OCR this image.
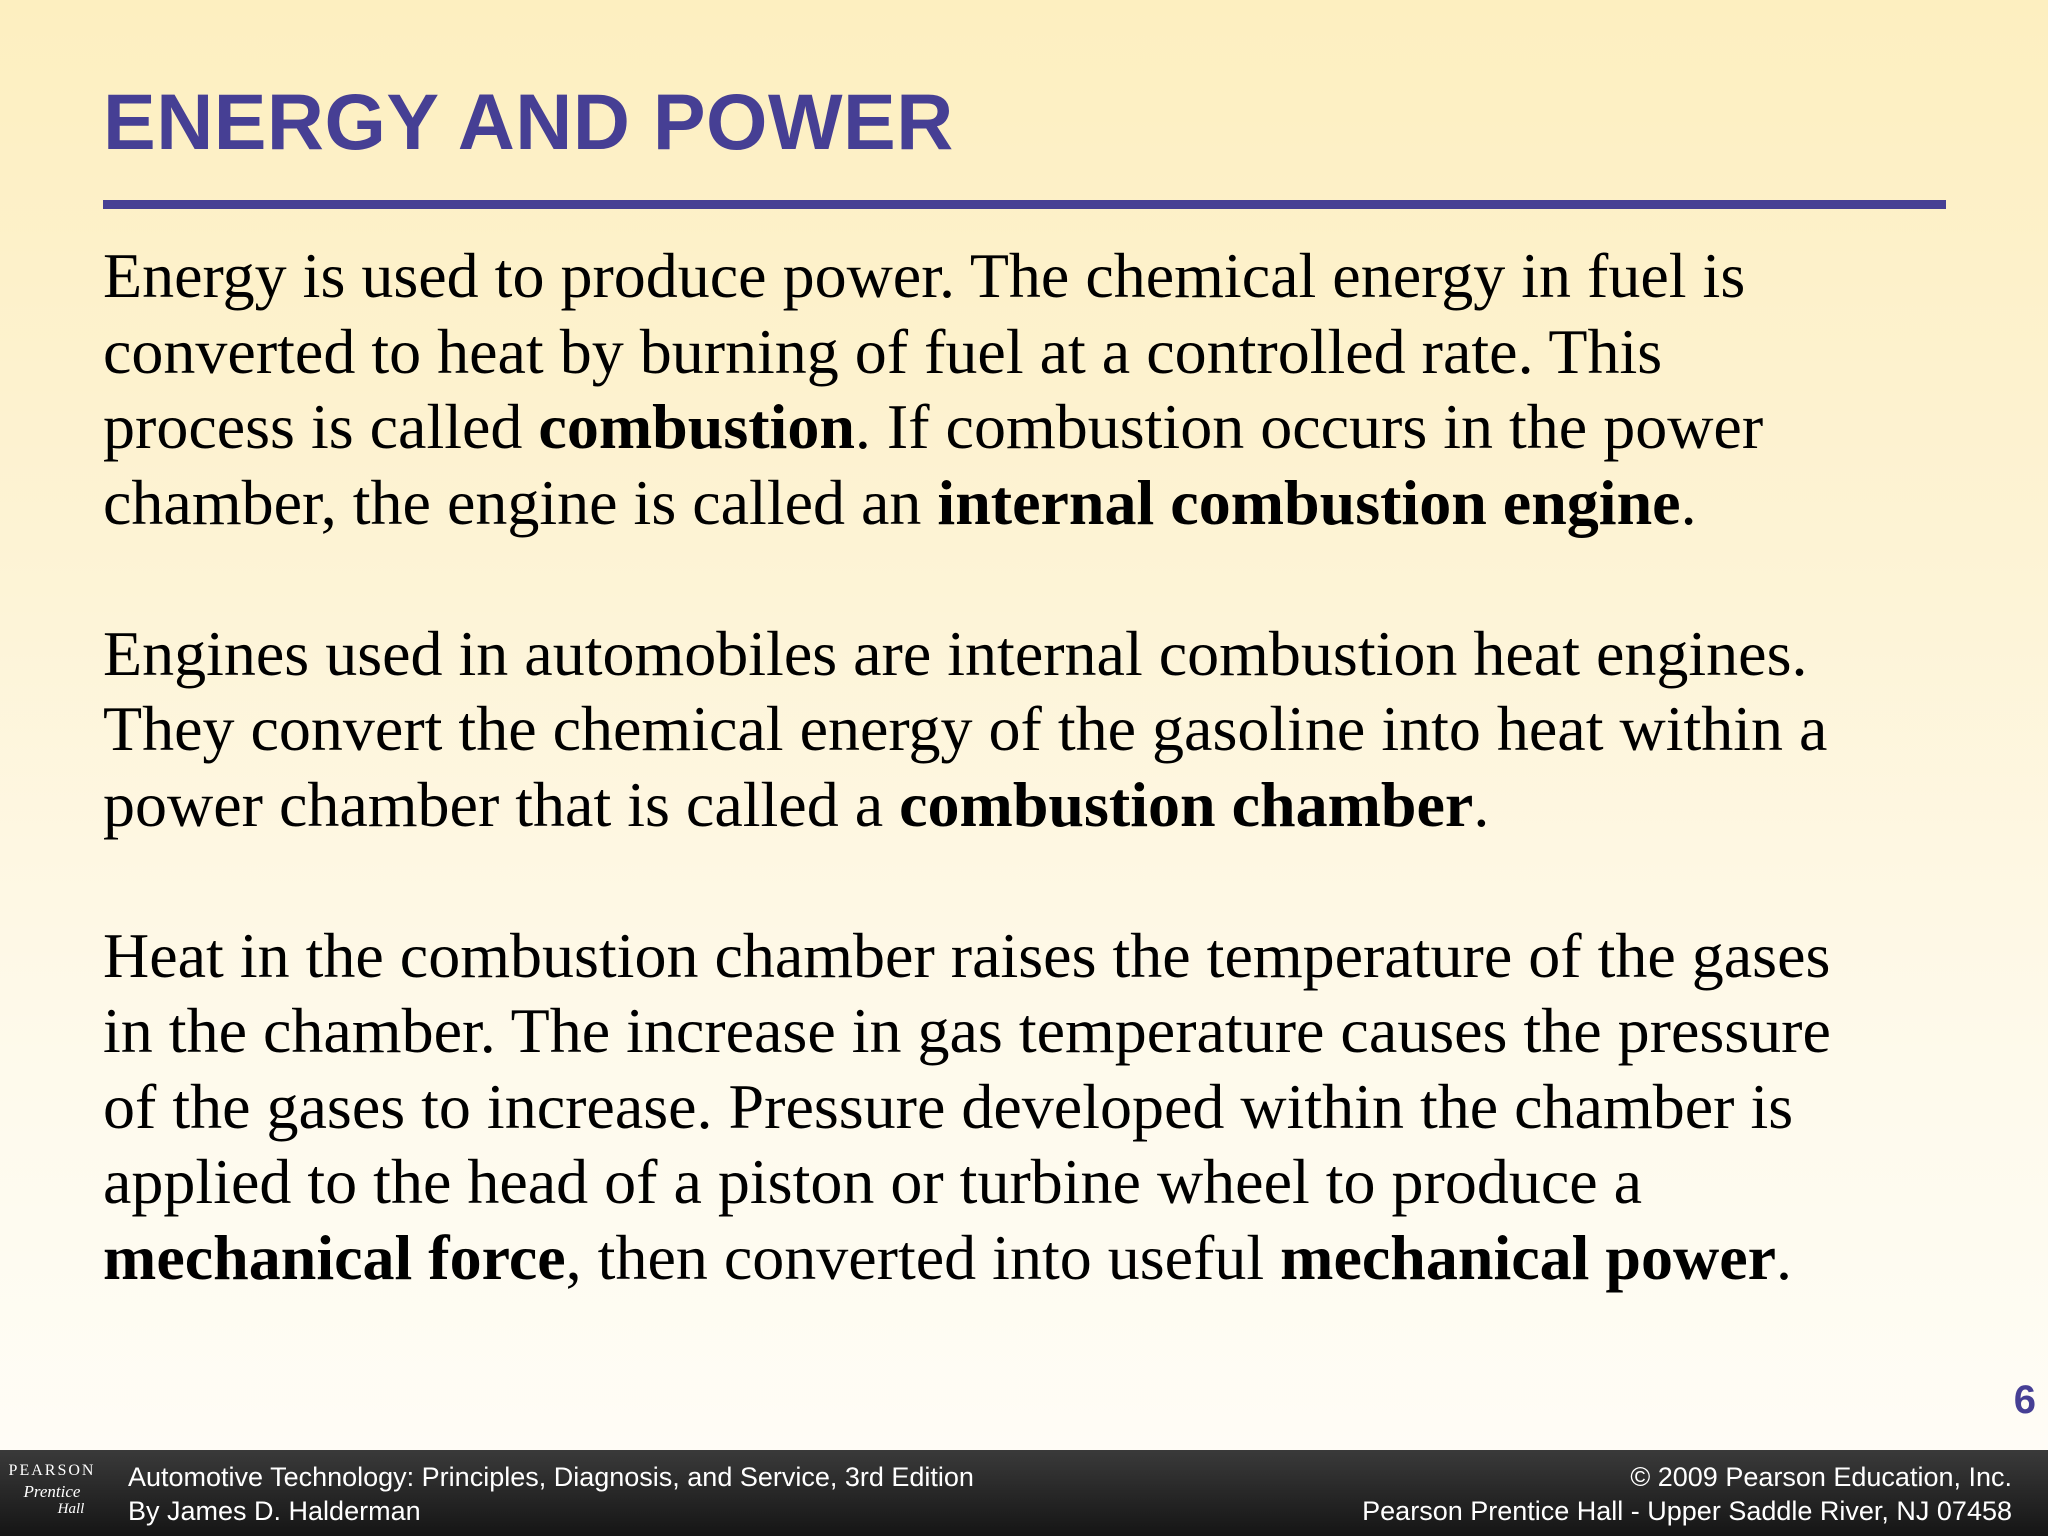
ENERGY AND POWER

Energy is used to produce power. The chemical energy in fuel is
converted to heat by burning of fuel at a controlled rate. This
process is called combustion. If combustion occurs in the power
chamber, the engine is called an internal combustion engine.

Engines used in automobiles are internal combustion heat engines.
They convert the chemical energy of the gasoline into heat within a
power chamber that is called a combustion chamber.

Heat in the combustion chamber raises the temperature of the gases
in the chamber. The increase in gas temperature causes the pressure
of the gases to increase. Pressure developed within the chamber is
applied to the head of a piston or turbine wheel to produce a
mechanical force, then converted into useful mechanical power.

6
PEARSON
Prentice
Hall
Automotive Technology: Principles, Diagnosis, and Service, 3rd Edition
By James D. Halderman
© 2009 Pearson Education, Inc.
Pearson Prentice Hall - Upper Saddle River, NJ 07458
